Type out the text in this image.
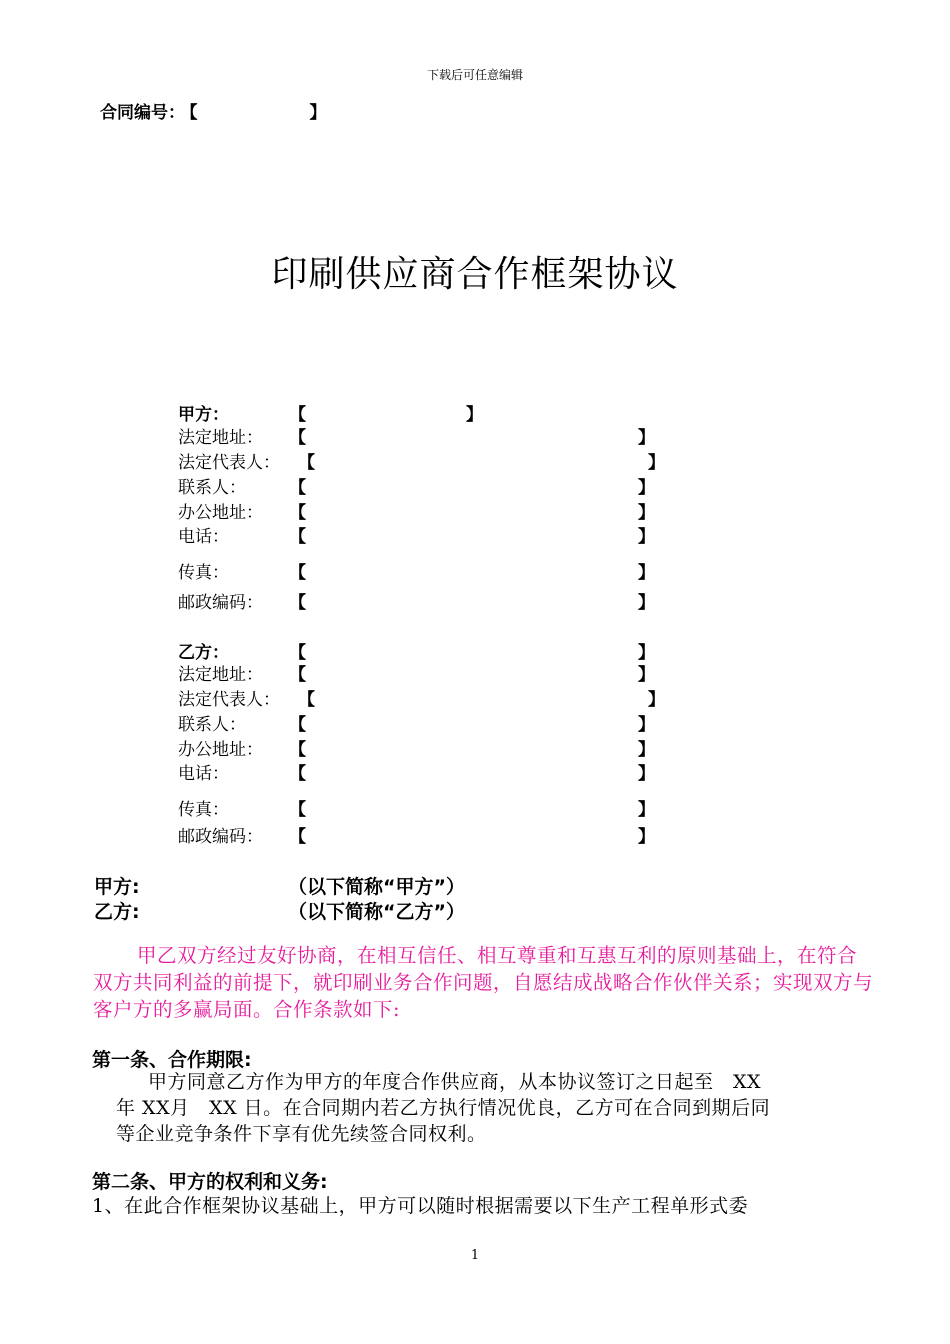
下载后可任意编辑
合同编号： 【	】
印刷供应商合作框架协议
甲方：	【	】
法定地址： 【	】
法定代表人： 【	】
联系人：	【	】
办公地址： 【	】
电话：	【	】
传真：	【	】
邮政编码： 【	】
乙方：	【	】
法定地址： 【	】
法定代表人： 【	】
联系人：	【	】
办公地址： 【	】
电话：	【	】
传真：	【	】
邮政编码： 【	】
甲方:	（以下简称“甲方”）
乙方:	（以下简称“乙方”）
甲乙双方经过友好协商，在相互信任、相互尊重和互惠互利的原则基础上，在符合双方共同利益的前提下，就印刷业务合作问题，自愿结成战略合作伙伴关系；实现双方与客户方的多赢局面。合作条款如下:
第一条、合作期限:
甲方同意乙方作为甲方的年度合作供应商，从本协议签订之日起至　XX
年 XX月　XX 日。在合同期内若乙方执行情况优良，乙方可在合同到期后同
等企业竞争条件下享有优先续签合同权利。
第二条、甲方的权利和义务:
1、在此合作框架协议基础上，甲方可以随时根据需要以下生产工程单形式委
1
